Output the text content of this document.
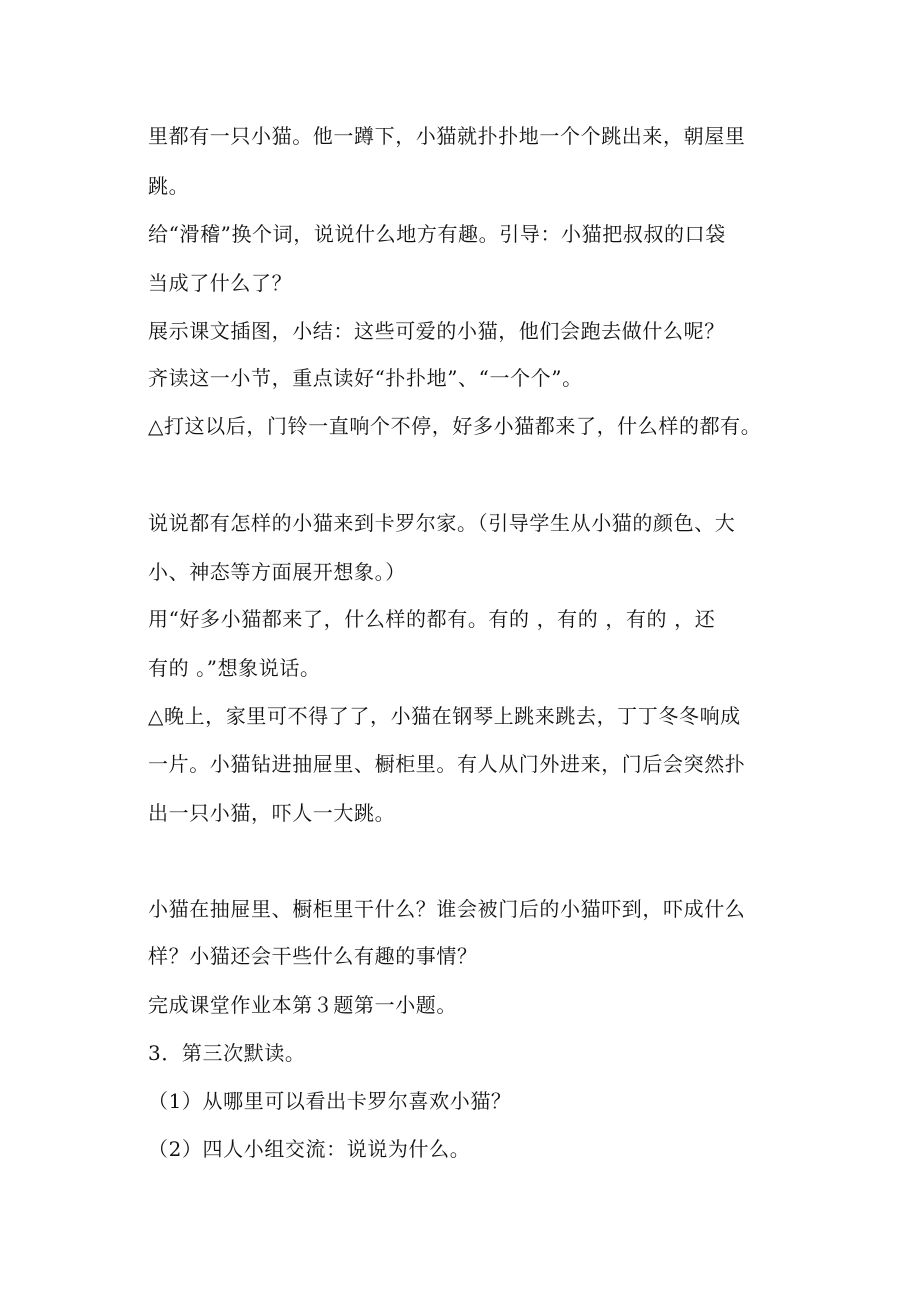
里都有一只小猫。他一蹲下，小猫就扑扑地一个个跳出来，朝屋里
跳。
给“滑稽”换个词，说说什么地方有趣。引导：小猫把叔叔的口袋
当成了什么了？
展示课文插图，小结：这些可爱的小猫，他们会跑去做什么呢？
齐读这一小节，重点读好“扑扑地”、“一个个”。
△打这以后，门铃一直响个不停，好多小猫都来了，什么样的都有。
说说都有怎样的小猫来到卡罗尔家。（引导学生从小猫的颜色、大
小、神态等方面展开想象。）
用“好多小猫都来了，什么样的都有。有的 ，有的 ，有的 ，还
有的 。”想象说话。
△晚上，家里可不得了了，小猫在钢琴上跳来跳去，丁丁冬冬响成
一片。小猫钻进抽屉里、橱柜里。有人从门外进来，门后会突然扑
出一只小猫，吓人一大跳。
小猫在抽屉里、橱柜里干什么？谁会被门后的小猫吓到，吓成什么
样？小猫还会干些什么有趣的事情？
完成课堂作业本第３题第一小题。
3．第三次默读。
（1）从哪里可以看出卡罗尔喜欢小猫？
（2）四人小组交流：说说为什么。
